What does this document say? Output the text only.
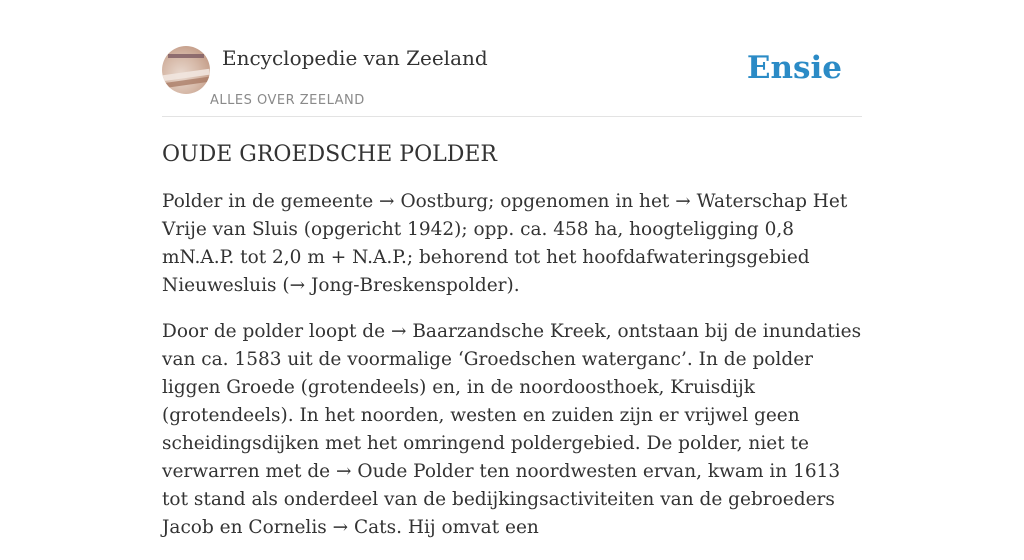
Encyclopedie van Zeeland
ALLES OVER ZEELAND
Ensie
OUDE GROEDSCHE POLDER

Polder in de gemeente → Oostburg; opgenomen in het → Waterschap Het Vrije van Sluis (opgericht 1942); opp. ca. 458 ha, hoogteligging 0,8 mN.A.P. tot 2,0 m + N.A.P.; behorend tot het hoofdafwateringsgebied Nieuwesluis (→ Jong-Breskenspolder).

Door de polder loopt de → Baarzandsche Kreek, ontstaan bij de inundaties van ca. 1583 uit de voormalige ‘Groedschen waterganc’. In de polder liggen Groede (grotendeels) en, in de noordoosthoek, Kruisdijk (grotendeels). In het noorden, westen en zuiden zijn er vrijwel geen scheidingsdijken met het omringend poldergebied. De polder, niet te verwarren met de → Oude Polder ten noordwesten ervan, kwam in 1613 tot stand als onderdeel van de bedijkingsactiviteiten van de gebroeders Jacob en Cornelis → Cats. Hij omvat een
